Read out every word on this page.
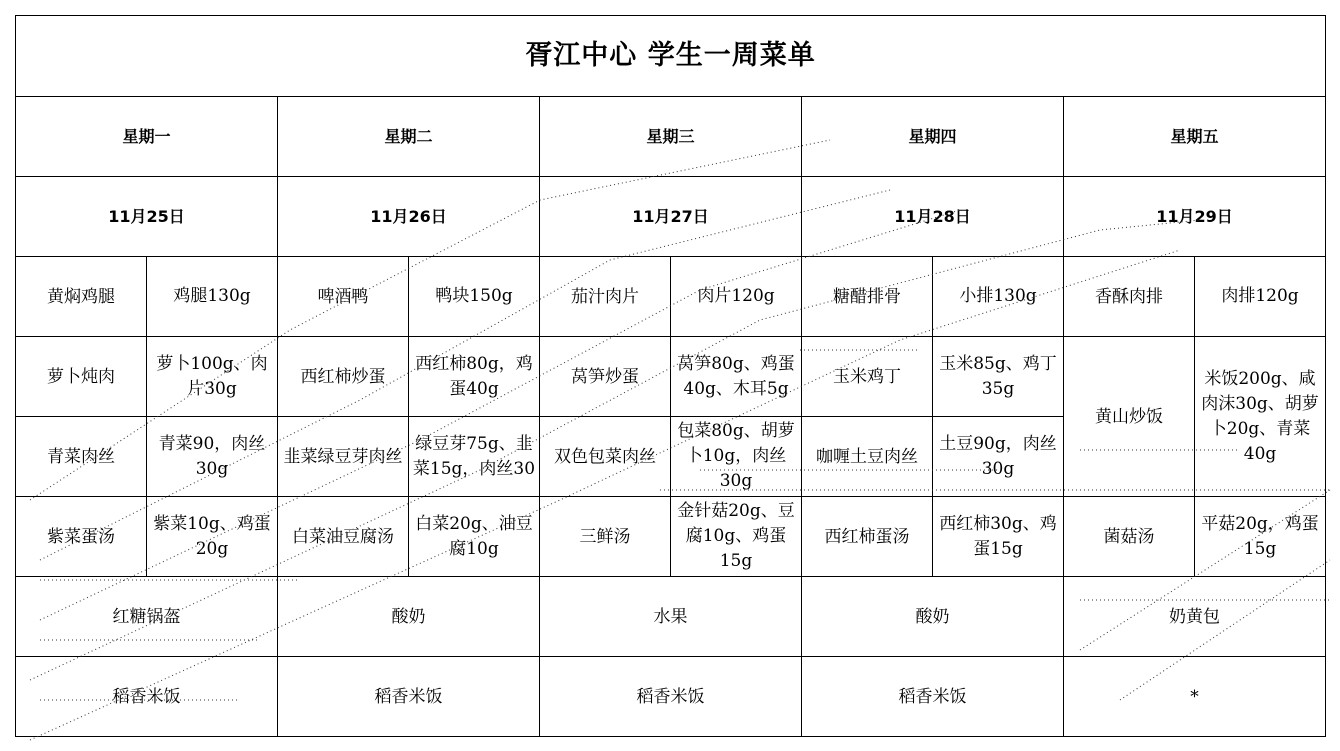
胥江中心 学生一周菜单									
星期一		星期二		星期三		星期四		星期五	
11月25日		11月26日		11月27日		11月28日		11月29日	
黄焖鸡腿	鸡腿130g	啤酒鸭	鸭块150g	茄汁肉片	肉片120g	糖醋排骨	小排130g	香酥肉排	肉排120g
萝卜炖肉	萝卜100g、肉片30g	西红柿炒蛋	西红柿80g，鸡蛋40g	莴笋炒蛋	莴笋80g、鸡蛋40g、木耳5g	玉米鸡丁	玉米85g、鸡丁35g	黄山炒饭	米饭200g、咸肉沫30g、胡萝卜20g、青菜40g
青菜肉丝	青菜90，肉丝30g	韭菜绿豆芽肉丝	绿豆芽75g、韭菜15g，肉丝30	双色包菜肉丝	包菜80g、胡萝卜10g，肉丝30g	咖喱土豆肉丝	土豆90g，肉丝30g		
紫菜蛋汤	紫菜10g、鸡蛋20g	白菜油豆腐汤	白菜20g、油豆腐10g	三鲜汤	金针菇20g、豆腐10g、鸡蛋15g	西红柿蛋汤	西红柿30g、鸡蛋15g	菌菇汤	平菇20g，鸡蛋15g
红糖锅盔		酸奶		水果		酸奶		奶黄包	
稻香米饭		稻香米饭		稻香米饭		稻香米饭		*	
